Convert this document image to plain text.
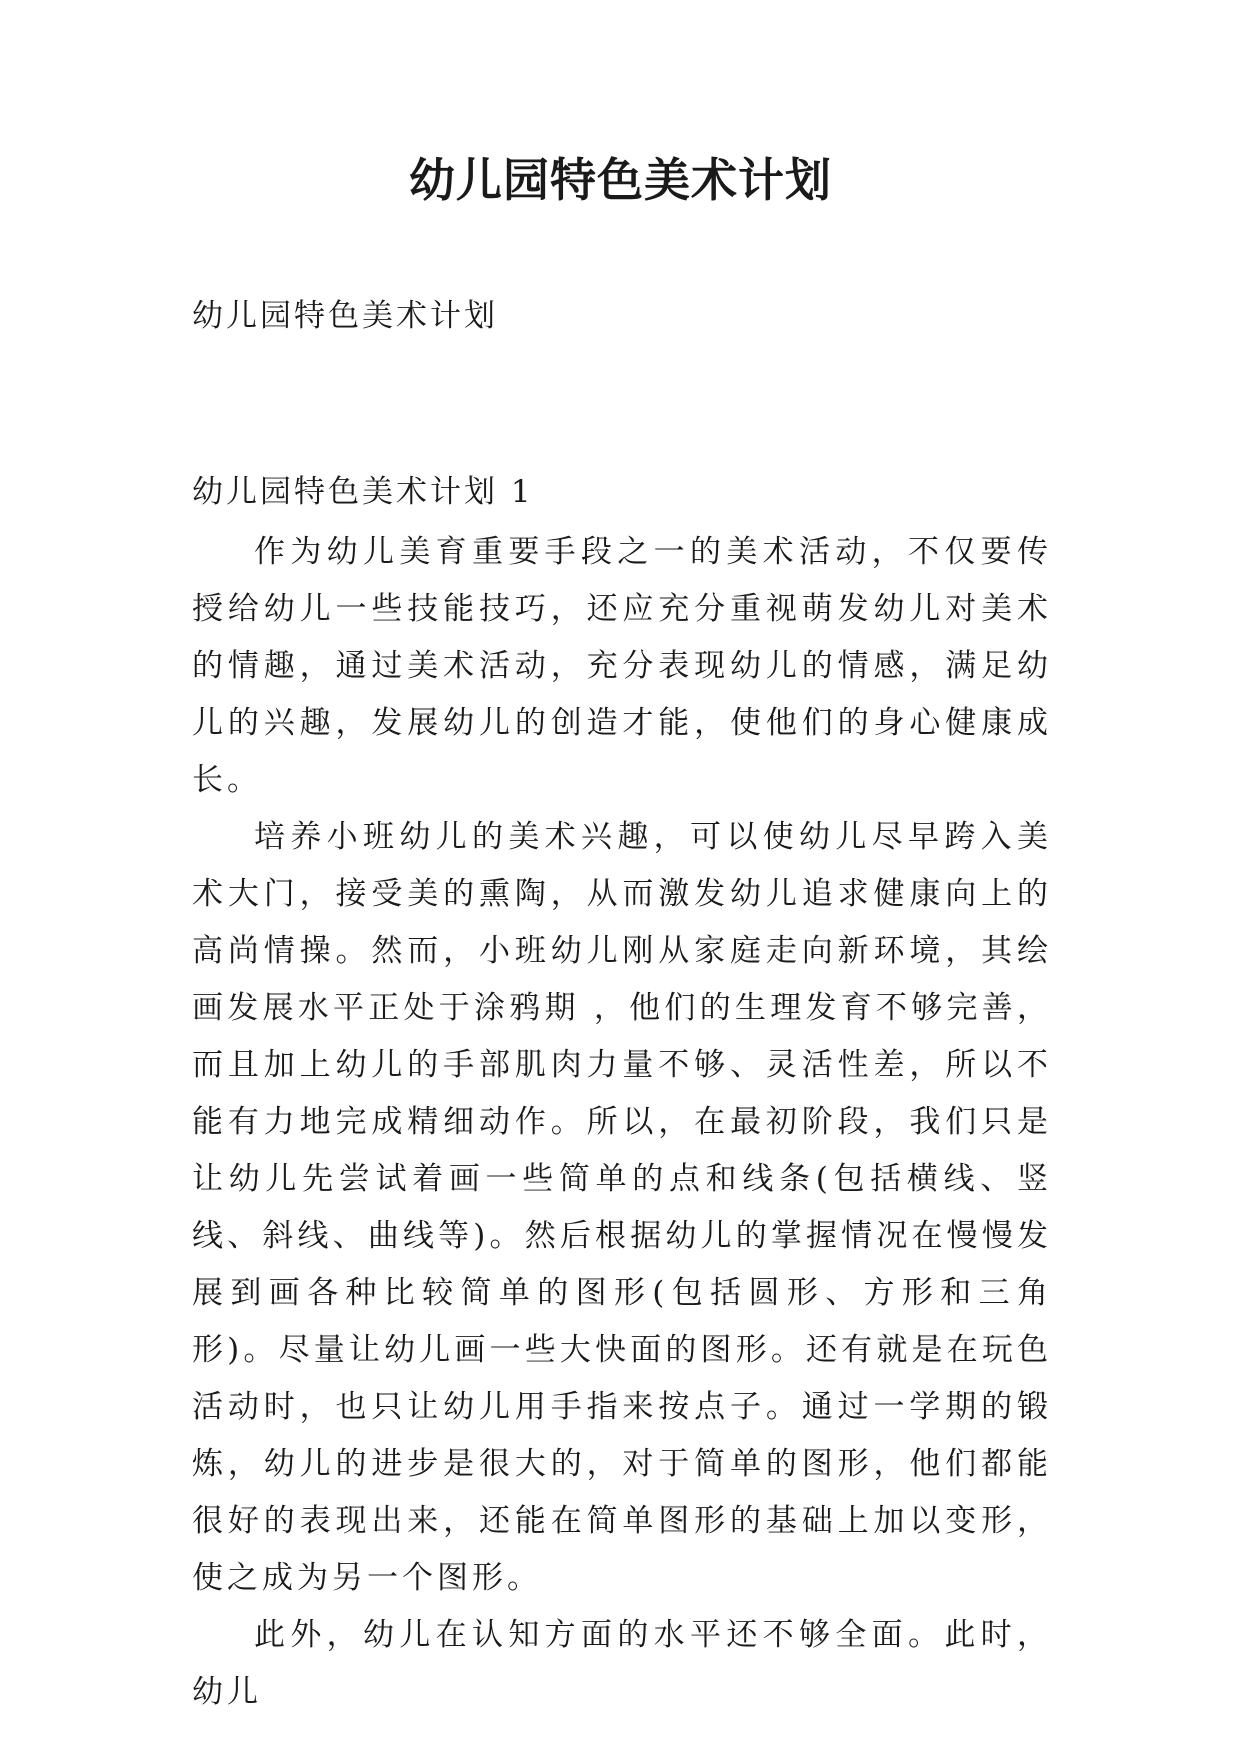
幼儿园特色美术计划

幼儿园特色美术计划

幼儿园特色美术计划 1

作为幼儿美育重要手段之一的美术活动，不仅要传授给幼儿一些技能技巧，还应充分重视萌发幼儿对美术的情趣，通过美术活动，充分表现幼儿的情感，满足幼儿的兴趣，发展幼儿的创造才能，使他们的身心健康成长。

培养小班幼儿的美术兴趣，可以使幼儿尽早跨入美术大门，接受美的熏陶，从而激发幼儿追求健康向上的高尚情操。然而，小班幼儿刚从家庭走向新环境，其绘画发展水平正处于涂鸦期 ，他们的生理发育不够完善，而且加上幼儿的手部肌肉力量不够、灵活性差，所以不能有力地完成精细动作。所以，在最初阶段，我们只是让幼儿先尝试着画一些简单的点和线条(包括横线、竖线、斜线、曲线等)。然后根据幼儿的掌握情况在慢慢发展到画各种比较简单的图形(包括圆形、方形和三角形)。尽量让幼儿画一些大快面的图形。还有就是在玩色活动时，也只让幼儿用手指来按点子。通过一学期的锻炼，幼儿的进步是很大的，对于简单的图形，他们都能很好的表现出来，还能在简单图形的基础上加以变形，使之成为另一个图形。

此外，幼儿在认知方面的水平还不够全面。此时，幼儿
